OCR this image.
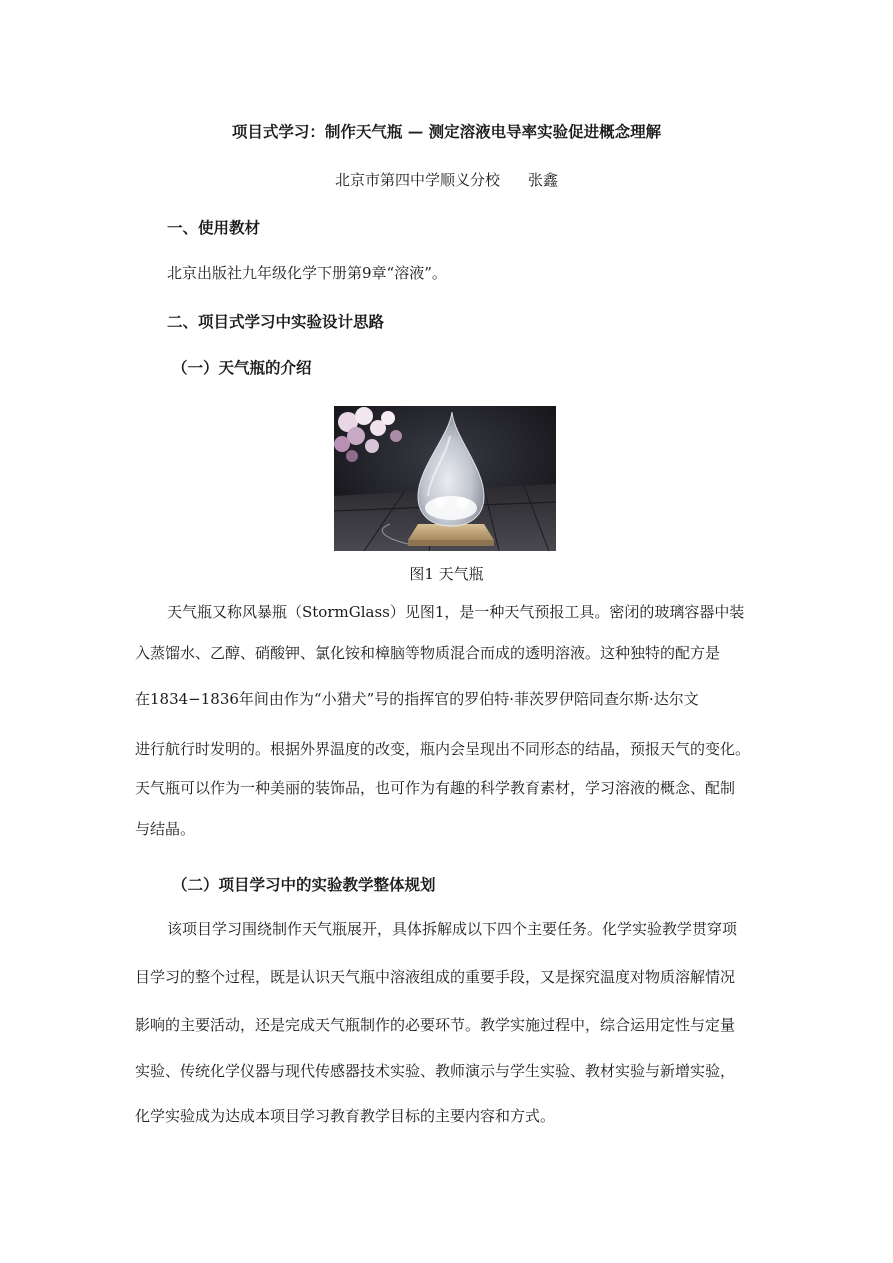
项目式学习：制作天气瓶 — 测定溶液电导率实验促进概念理解
北京市第四中学顺义分校 张鑫
一、使用教材
北京出版社九年级化学下册第9章“溶液”。
二、项目式学习中实验设计思路
（一）天气瓶的介绍
图1 天气瓶
天气瓶又称风暴瓶（StormGlass）见图1，是一种天气预报工具。密闭的玻璃容器中装
入蒸馏水、乙醇、硝酸钾、氯化铵和樟脑等物质混合而成的透明溶液。这种独特的配方是
在1834−1836年间由作为“小猎犬”号的指挥官的罗伯特·菲茨罗伊陪同查尔斯·达尔文
进行航行时发明的。根据外界温度的改变，瓶内会呈现出不同形态的结晶，预报天气的变化。
天气瓶可以作为一种美丽的装饰品，也可作为有趣的科学教育素材，学习溶液的概念、配制
与结晶。
（二）项目学习中的实验教学整体规划
该项目学习围绕制作天气瓶展开，具体拆解成以下四个主要任务。化学实验教学贯穿项
目学习的整个过程，既是认识天气瓶中溶液组成的重要手段，又是探究温度对物质溶解情况
影响的主要活动，还是完成天气瓶制作的必要环节。教学实施过程中，综合运用定性与定量
实验、传统化学仪器与现代传感器技术实验、教师演示与学生实验、教材实验与新增实验，
化学实验成为达成本项目学习教育教学目标的主要内容和方式。
